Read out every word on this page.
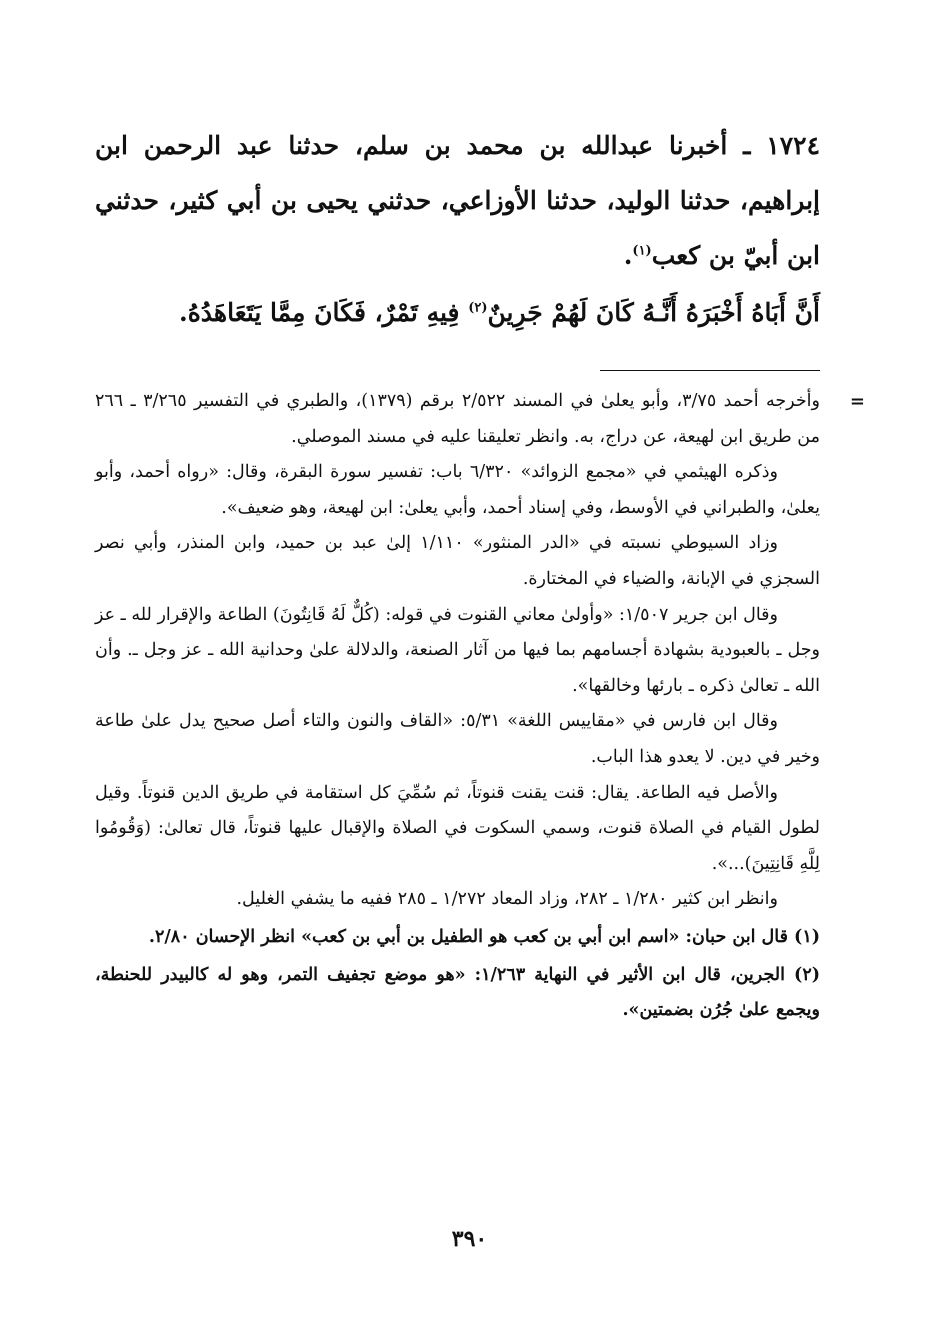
١٧٢٤ ـ أخبرنا عبدالله بن محمد بن سلم، حدثنا عبد الرحمن ابن إبراهيم، حدثنا الوليد، حدثنا الأوزاعي، حدثني يحيى بن أبي كثير، حدثني ابن أبيّ بن كعب$^{(١)}$.

أَنَّ أَبَاهُ أَخْبَرَهُ أَنَّـهُ كَانَ لَهُمْ جَرِينٌ$^{(٢)}$ فِيهِ تَمْرٌ، فَكَانَ مِمَّا يَتَعَاهَدُهُ.

=
وأخرجه أحمد ٣/٧٥، وأبو يعلىٰ في المسند ٢/٥٢٢ برقم (١٣٧٩)، والطبري في التفسير ٣/٢٦٥ ـ ٢٦٦ من طريق ابن لهيعة، عن دراج، به. وانظر تعليقنا عليه في مسند الموصلي.

وذكره الهيثمي في «مجمع الزوائد» ٦/٣٢٠ باب: تفسير سورة البقرة، وقال: «رواه أحمد، وأبو يعلىٰ، والطبراني في الأوسط، وفي إسناد أحمد، وأبي يعلىٰ: ابن لهيعة، وهو ضعيف».

وزاد السيوطي نسبته في «الدر المنثور» ١/١١٠ إلىٰ عبد بن حميد، وابن المنذر، وأبي نصر السجزي في الإبانة، والضياء في المختارة.

وقال ابن جرير ١/٥٠٧: «وأولىٰ معاني القنوت في قوله: (كُلٌّ لَهُ قَانِتُونَ) الطاعة والإقرار لله ـ عز وجل ـ بالعبودية بشهادة أجسامهم بما فيها من آثار الصنعة، والدلالة علىٰ وحدانية الله ـ عز وجل ـ. وأن الله ـ تعالىٰ ذكره ـ بارئها وخالقها».

وقال ابن فارس في «مقاييس اللغة» ٥/٣١: «القاف والنون والتاء أصل صحيح يدل علىٰ طاعة وخير في دين. لا يعدو هذا الباب.

والأصل فيه الطاعة. يقال: قنت يقنت قنوتاً، ثم سُمِّيَ كل استقامة في طريق الدين قنوتاً. وقيل لطول القيام في الصلاة قنوت، وسمي السكوت في الصلاة والإقبال عليها قنوتاً، قال تعالىٰ: (وَقُومُوا لِلَّهِ قَانِتِينَ)...».

وانظر ابن كثير ١/٢٨٠ ـ ٢٨٢، وزاد المعاد ١/٢٧٢ ـ ٢٨٥ ففيه ما يشفي الغليل.

(١) قال ابن حبان: «اسم ابن أبي بن كعب هو الطفيل بن أبي بن كعب» انظر الإحسان ٢/٨٠.

(٢) الجرين، قال ابن الأثير في النهاية ١/٢٦٣: «هو موضع تجفيف التمر، وهو له كالبيدر للحنطة، ويجمع علىٰ جُرُن بضمتين».

٣٩٠
